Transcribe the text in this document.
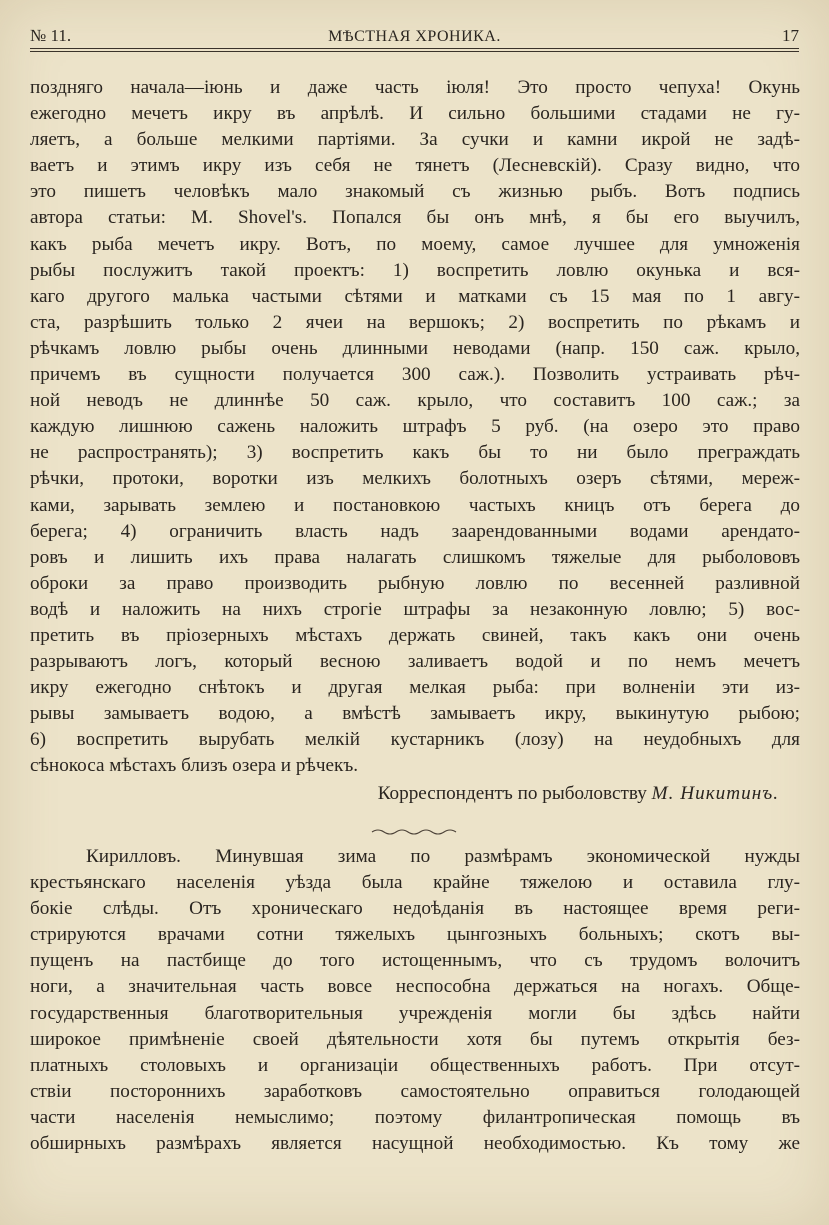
№ 11.	МѢСТНАЯ ХРОНИКА.	17
поздняго начала—іюнь и даже часть іюля! Это просто чепуха! Окунь
ежегодно мечетъ икру въ апрѣлѣ. И сильно большими стадами не гу-
ляетъ, а больше мелкими партіями. За сучки и камни икрой не задѣ-
ваетъ и этимъ икру изъ себя не тянетъ (Лесневскій). Сразу видно, что
это пишетъ человѣкъ мало знакомый съ жизнью рыбъ. Вотъ подпись
автора статьи: M. Shovel's. Попался бы онъ мнѣ, я бы его выучилъ,
какъ рыба мечетъ икру. Вотъ, по моему, самое лучшее для умноженія
рыбы послужитъ такой проектъ: 1) воспретить ловлю окунька и вся-
каго другого малька частыми сѣтями и матками съ 15 мая по 1 авгу-
ста, разрѣшить только 2 ячеи на вершокъ; 2) воспретить по рѣкамъ и
рѣчкамъ ловлю рыбы очень длинными неводами (напр. 150 саж. крыло,
причемъ въ сущности получается 300 саж.). Позволить устраивать рѣч-
ной неводъ не длиннѣе 50 саж. крыло, что составитъ 100 саж.; за
каждую лишнюю сажень наложить штрафъ 5 руб. (на озеро это право
не распространять); 3) воспретить какъ бы то ни было преграждать
рѣчки, протоки, воротки изъ мелкихъ болотныхъ озеръ сѣтями, мереж-
ками, зарывать землею и постановкою частыхъ кницъ отъ берега до
берега; 4) ограничить власть надъ заарендованными водами арендато-
ровъ и лишить ихъ права налагать слишкомъ тяжелые для рыболововъ
оброки за право производить рыбную ловлю по весенней разливной
водѣ и наложить на нихъ строгіе штрафы за незаконную ловлю; 5) вос-
претить въ пріозерныхъ мѣстахъ держать свиней, такъ какъ они очень
разрываютъ логъ, который весною заливаетъ водой и по немъ мечетъ
икру ежегодно снѣтокъ и другая мелкая рыба: при волненіи эти из-
рывы замываетъ водою, а вмѣстѣ замываетъ икру, выкинутую рыбою;
6) воспретить вырубать мелкій кустарникъ (лозу) на неудобныхъ для
сѣнокоса мѣстахъ близъ озера и рѣчекъ.
Корреспондентъ по рыболовству М. Никитинъ.
Кирилловъ. Минувшая зима по размѣрамъ экономической нужды
крестьянскаго населенія уѣзда была крайне тяжелою и оставила глу-
бокіе слѣды. Отъ хроническаго недоѣданія въ настоящее время реги-
стрируются врачами сотни тяжелыхъ цынгозныхъ больныхъ; скотъ вы-
пущенъ на пастбище до того истощеннымъ, что съ трудомъ волочитъ
ноги, а значительная часть вовсе неспособна держаться на ногахъ. Обще-
государственныя благотворительныя учрежденія могли бы здѣсь найти
широкое примѣненіе своей дѣятельности хотя бы путемъ открытія без-
платныхъ столовыхъ и организаціи общественныхъ работъ. При отсут-
ствіи постороннихъ заработковъ самостоятельно оправиться голодающей
части населенія немыслимо; поэтому филантропическая помощь въ
обширныхъ размѣрахъ является насущной необходимостью. Къ тому же
